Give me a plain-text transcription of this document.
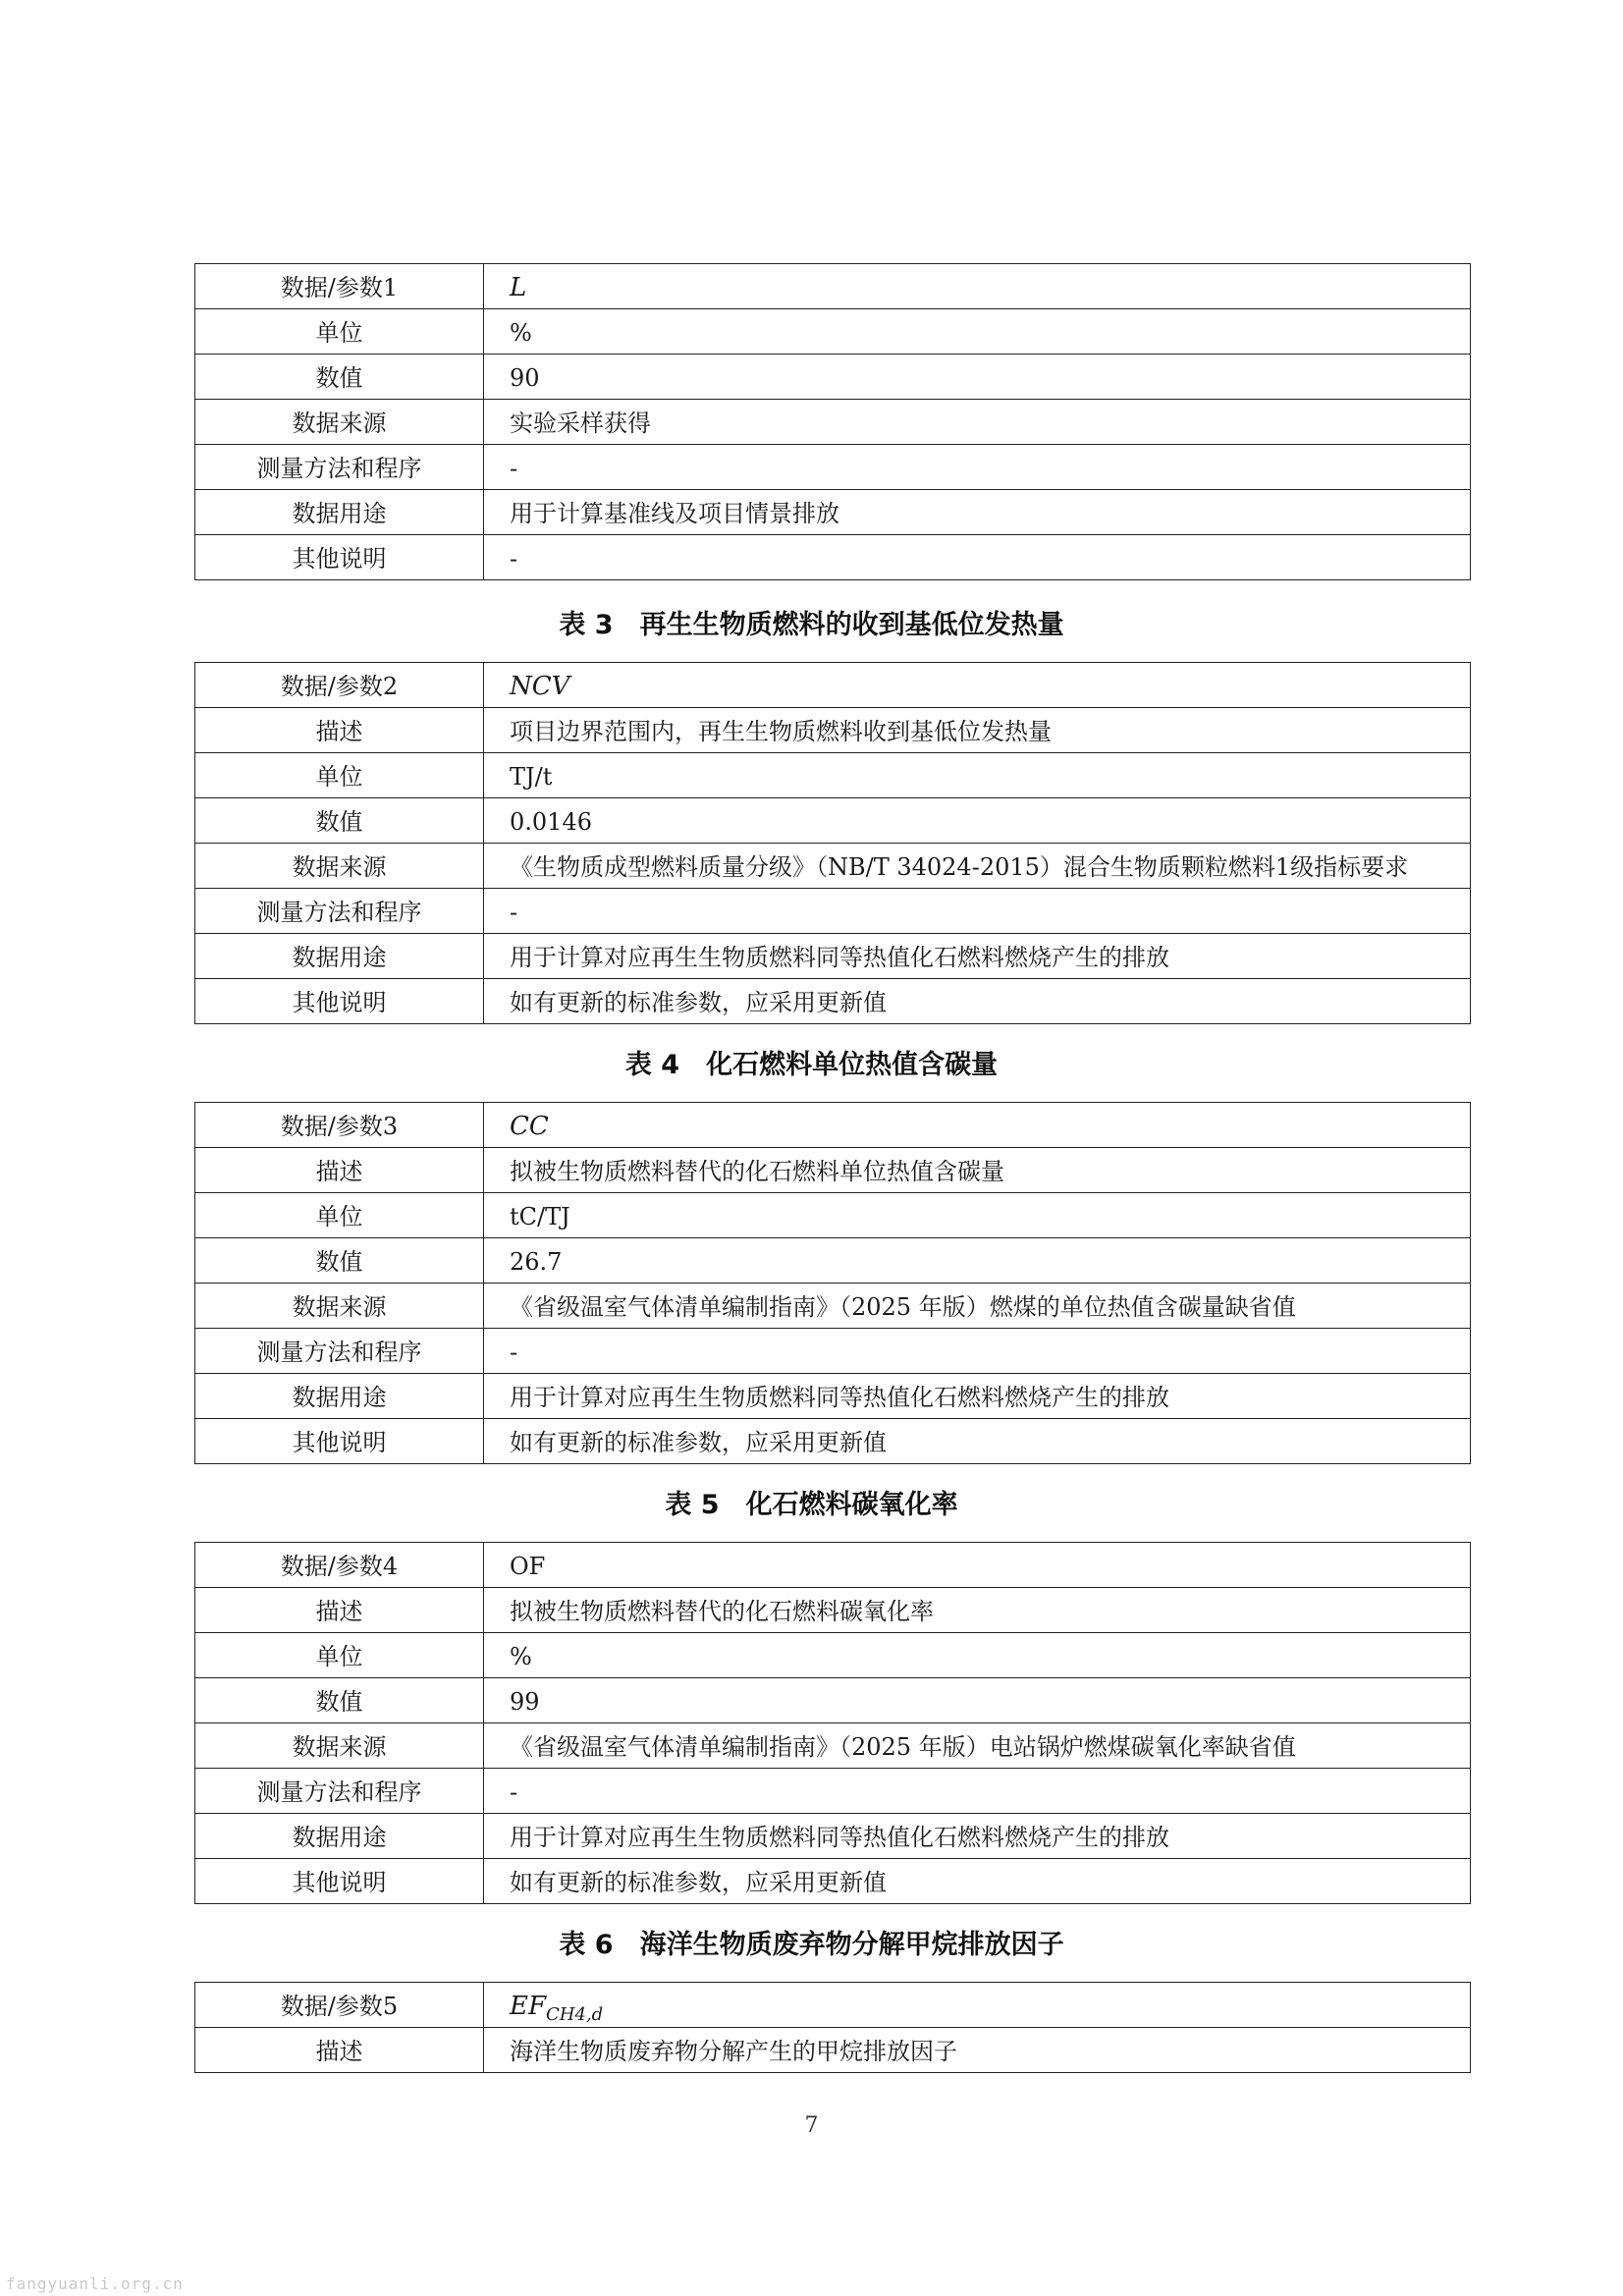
数据/参数1	L
单位	%
数值	90
数据来源	实验采样获得
测量方法和程序	-
数据用途	用于计算基准线及项目情景排放
其他说明	-
表 3　再生生物质燃料的收到基低位发热量
数据/参数2	NCV
描述	项目边界范围内，再生生物质燃料收到基低位发热量
单位	TJ/t
数值	0.0146
数据来源	《生物质成型燃料质量分级》（NB/T 34024-2015）混合生物质颗粒燃料1级指标要求
测量方法和程序	-
数据用途	用于计算对应再生生物质燃料同等热值化石燃料燃烧产生的排放
其他说明	如有更新的标准参数，应采用更新值
表 4　化石燃料单位热值含碳量
数据/参数3	CC
描述	拟被生物质燃料替代的化石燃料单位热值含碳量
单位	tC/TJ
数值	26.7
数据来源	《省级温室气体清单编制指南》（2025 年版）燃煤的单位热值含碳量缺省值
测量方法和程序	-
数据用途	用于计算对应再生生物质燃料同等热值化石燃料燃烧产生的排放
其他说明	如有更新的标准参数，应采用更新值
表 5　化石燃料碳氧化率
数据/参数4	OF
描述	拟被生物质燃料替代的化石燃料碳氧化率
单位	%
数值	99
数据来源	《省级温室气体清单编制指南》（2025 年版）电站锅炉燃煤碳氧化率缺省值
测量方法和程序	-
数据用途	用于计算对应再生生物质燃料同等热值化石燃料燃烧产生的排放
其他说明	如有更新的标准参数，应采用更新值
表 6　海洋生物质废弃物分解甲烷排放因子
数据/参数5	$EF_{CH4,d}$
描述	海洋生物质废弃物分解产生的甲烷排放因子
7
fangyuanli.org.cn
